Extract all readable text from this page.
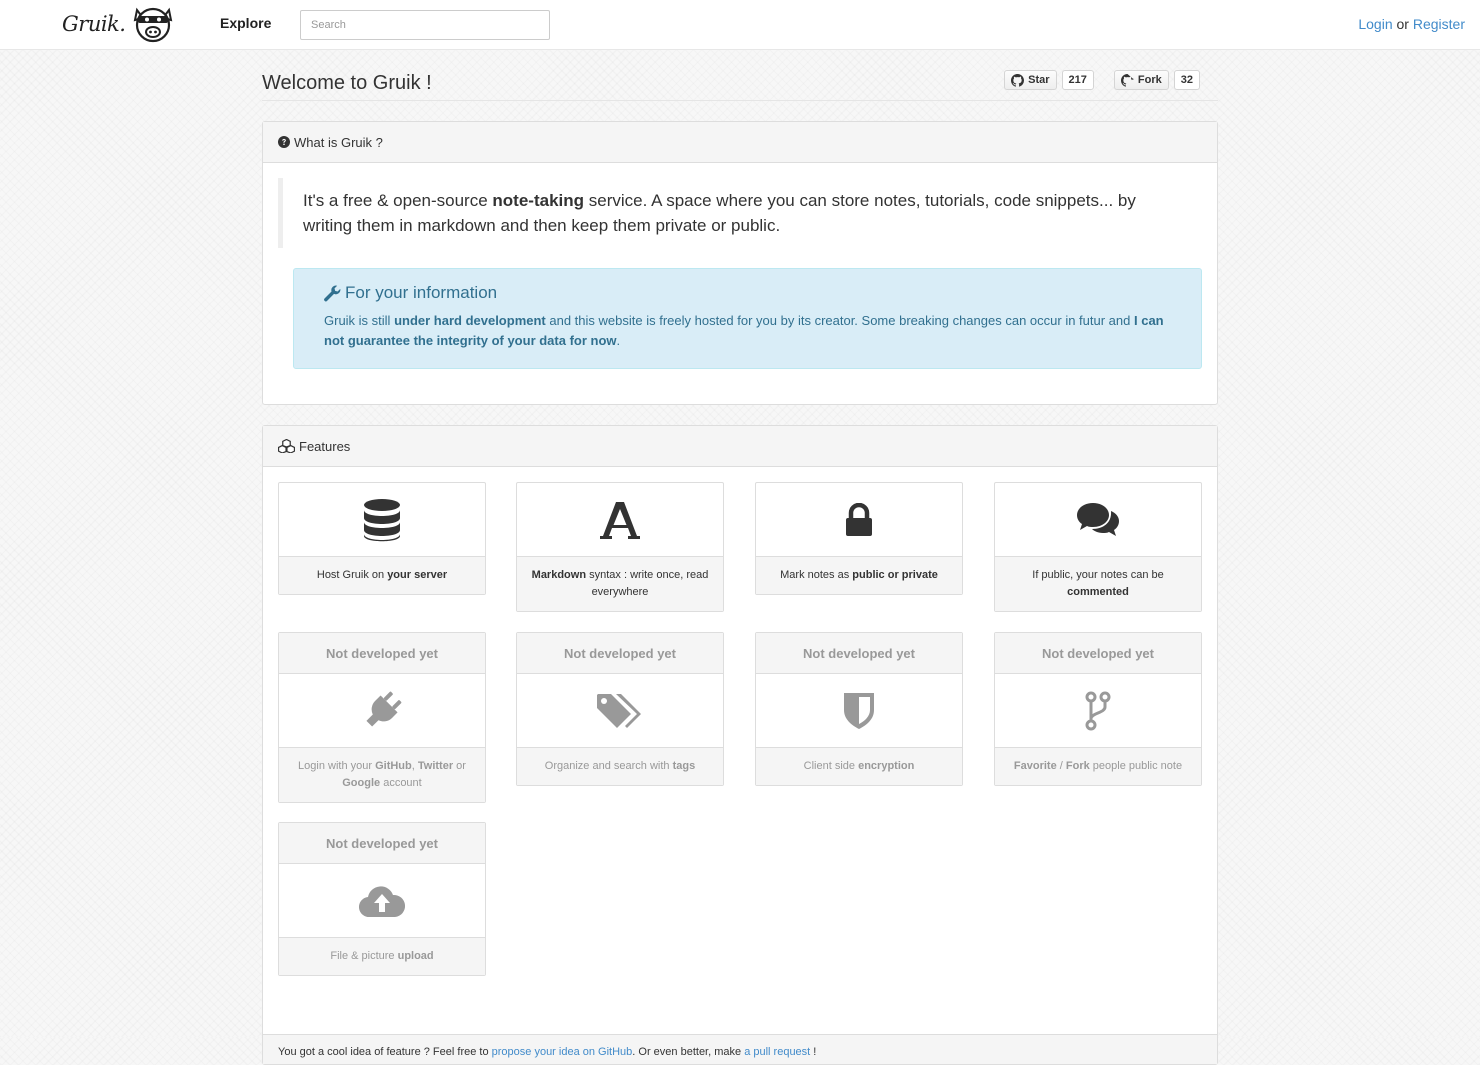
Gruik.	Explore
Search	Login or Register
Welcome to Gruik !	Star	217	Fork	32
What is Gruik ?
It's a free & open-source note-taking service. A space where you can store notes, tutorials, code snippets... by writing them in markdown and then keep them private or public.
For your information
Gruik is still under hard development and this website is freely hosted for you by its creator. Some breaking changes can occur in futur and I can not guarantee the integrity of your data for now.
Features
Host Gruik on your server	Markdown syntax : write once, read everywhere
Mark notes as public or private	If public, your notes can be commented
Not developed yet
Login with your GitHub, Twitter or Google account
Not developed yet
Organize and search with tags
Not developed yet
Client side encryption
Not developed yet
Favorite / Fork people public note
Not developed yet
File & picture upload
You got a cool idea of feature ? Feel free to propose your idea on GitHub. Or even better, make a pull request !
